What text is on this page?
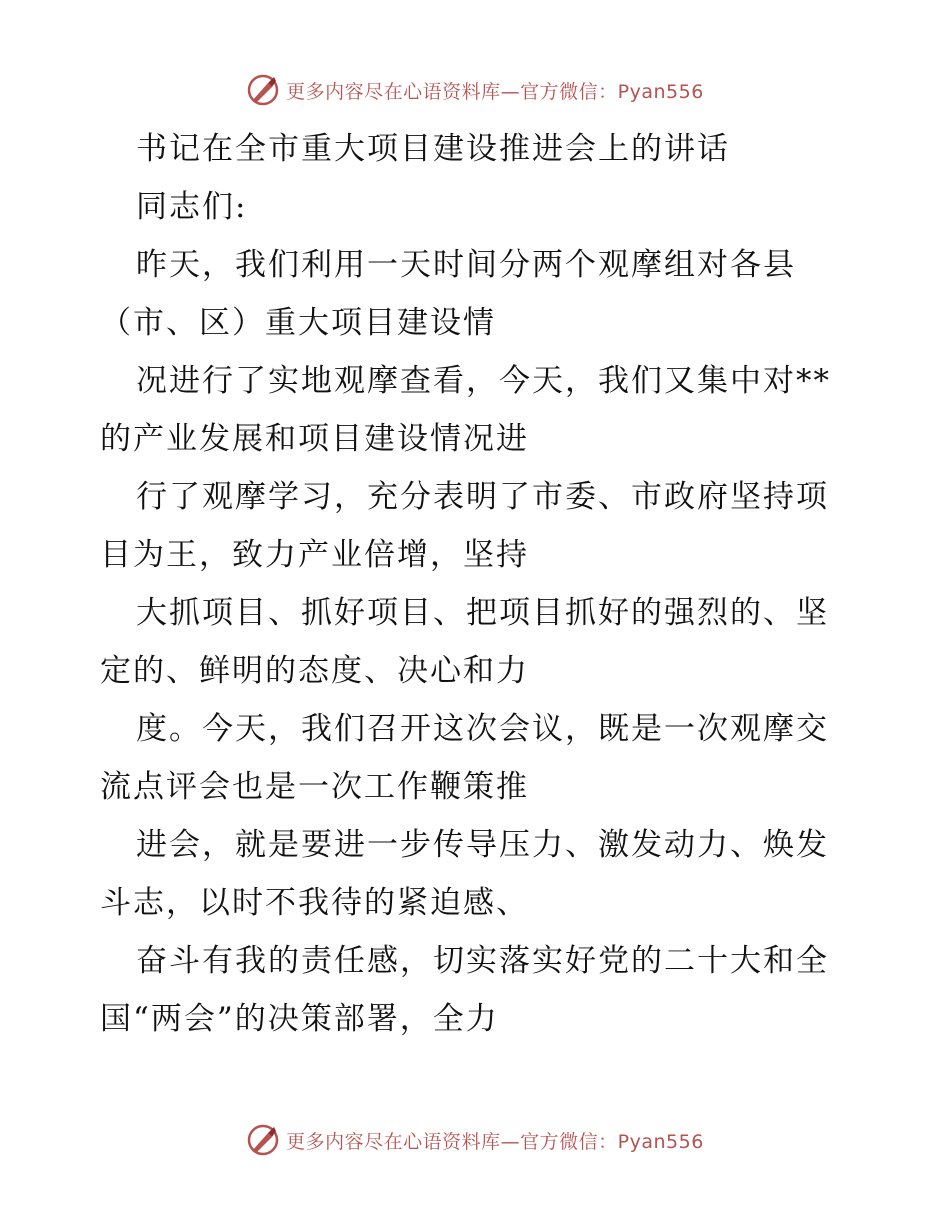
更多内容尽在心语资料库—官方微信：Pyan556
书记在全市重大项目建设推进会上的讲话
同志们:
昨天，我们利用一天时间分两个观摩组对各县
（市、区）重大项目建设情
况进行了实地观摩查看，今天，我们又集中对**
的产业发展和项目建设情况进
行了观摩学习，充分表明了市委、市政府坚持项
目为王，致力产业倍增，坚持
大抓项目、抓好项目、把项目抓好的强烈的、坚
定的、鲜明的态度、决心和力
度。今天，我们召开这次会议，既是一次观摩交
流点评会也是一次工作鞭策推
进会，就是要进一步传导压力、激发动力、焕发
斗志，以时不我待的紧迫感、
奋斗有我的责任感，切实落实好党的二十大和全
国“两会”的决策部署，全力
更多内容尽在心语资料库—官方微信：Pyan556
